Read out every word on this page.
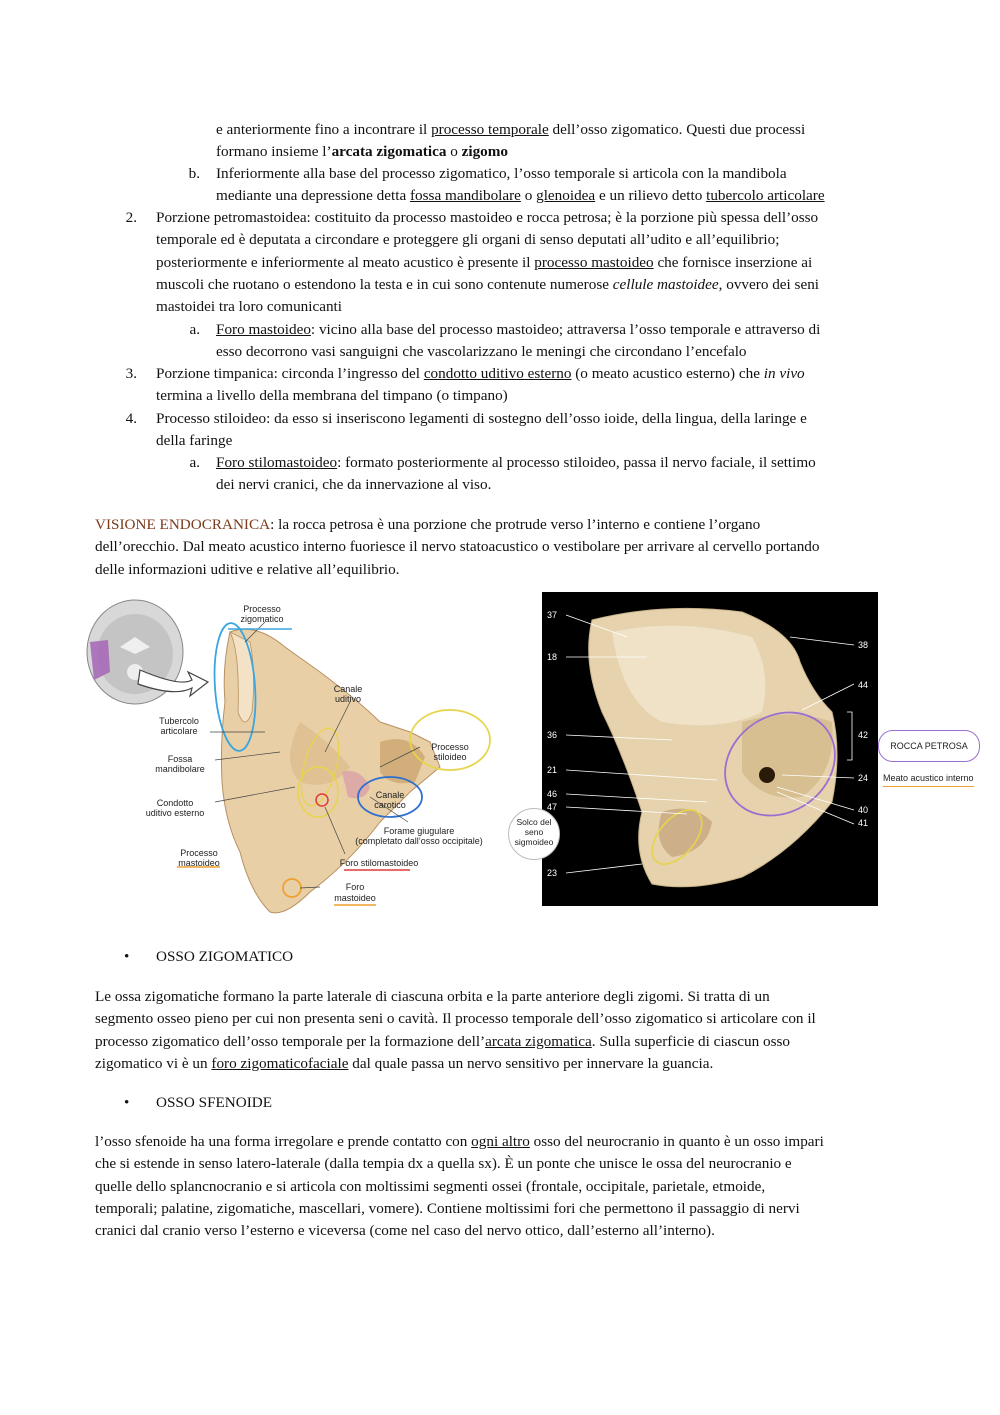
e anteriormente fino a incontrare il processo temporale dell’osso zigomatico. Questi due processi
formano insieme l’arcata zigomatica o zigomo
b. Inferiormente alla base del processo zigomatico, l’osso temporale si articola con la mandibola
mediante una depressione detta fossa mandibolare o glenoidea e un rilievo detto tubercolo articolare
2. Porzione petromastoidea: costituito da processo mastoideo e rocca petrosa; è la porzione più spessa dell’osso
temporale ed è deputata a circondare e proteggere gli organi di senso deputati all’udito e all’equilibrio;
posteriormente e inferiormente al meato acustico è presente il processo mastoideo che fornisce inserzione ai
muscoli che ruotano o estendono la testa e in cui sono contenute numerose cellule mastoidee, ovvero dei seni
mastoidei tra loro comunicanti
a. Foro mastoideo: vicino alla base del processo mastoideo; attraversa l’osso temporale e attraverso di
esso decorrono vasi sanguigni che vascolarizzano le meningi che circondano l’encefalo
3. Porzione timpanica: circonda l’ingresso del condotto uditivo esterno (o meato acustico esterno) che in vivo
termina a livello della membrana del timpano (o timpano)
4. Processo stiloideo: da esso si inseriscono legamenti di sostegno dell’osso ioide, della lingua, della laringe e
della faringe
a. Foro stilomastoideo: formato posteriormente al processo stiloideo, passa il nervo faciale, il settimo
dei nervi cranici, che da innervazione al viso.
VISIONE ENDOCRANICA: la rocca petrosa è una porzione che protrude verso l’interno e contiene l’organo
dell’orecchio. Dal meato acustico interno fuoriesce il nervo statoacustico o vestibolare per arrivare al cervello portando
delle informazioni uditive e relative all’equilibrio.
Processo
zigomatico
Canale
uditivo
Tubercolo
articolare
Fossa
mandibolare
Condotto
uditivo esterno
Processo
stiloideo
Canale
carotico
Forame giugulare
(completato dall’osso occipitale)
Processo
mastoideo	Foro stilomastoideo
Foro
mastoideo
37
18
36
21
46
47
23
38
44
42
24
40
41
Solco del
seno
sigmoideo
ROCCA PETROSA
Meato acustico interno
• OSSO ZIGOMATICO
Le ossa zigomatiche formano la parte laterale di ciascuna orbita e la parte anteriore degli zigomi. Si tratta di un
segmento osseo pieno per cui non presenta seni o cavità. Il processo temporale dell’osso zigomatico si articolare con il
processo zigomatico dell’osso temporale per la formazione dell’arcata zigomatica. Sulla superficie di ciascun osso
zigomatico vi è un foro zigomaticofaciale dal quale passa un nervo sensitivo per innervare la guancia.
• OSSO SFENOIDE
l’osso sfenoide ha una forma irregolare e prende contatto con ogni altro osso del neurocranio in quanto è un osso impari
che si estende in senso latero-laterale (dalla tempia dx a quella sx). È un ponte che unisce le ossa del neurocranio e
quelle dello splancnocranio e si articola con moltissimi segmenti ossei (frontale, occipitale, parietale, etmoide,
temporali; palatine, zigomatiche, mascellari, vomere). Contiene moltissimi fori che permettono il passaggio di nervi
cranici dal cranio verso l’esterno e viceversa (come nel caso del nervo ottico, dall’esterno all’interno).
